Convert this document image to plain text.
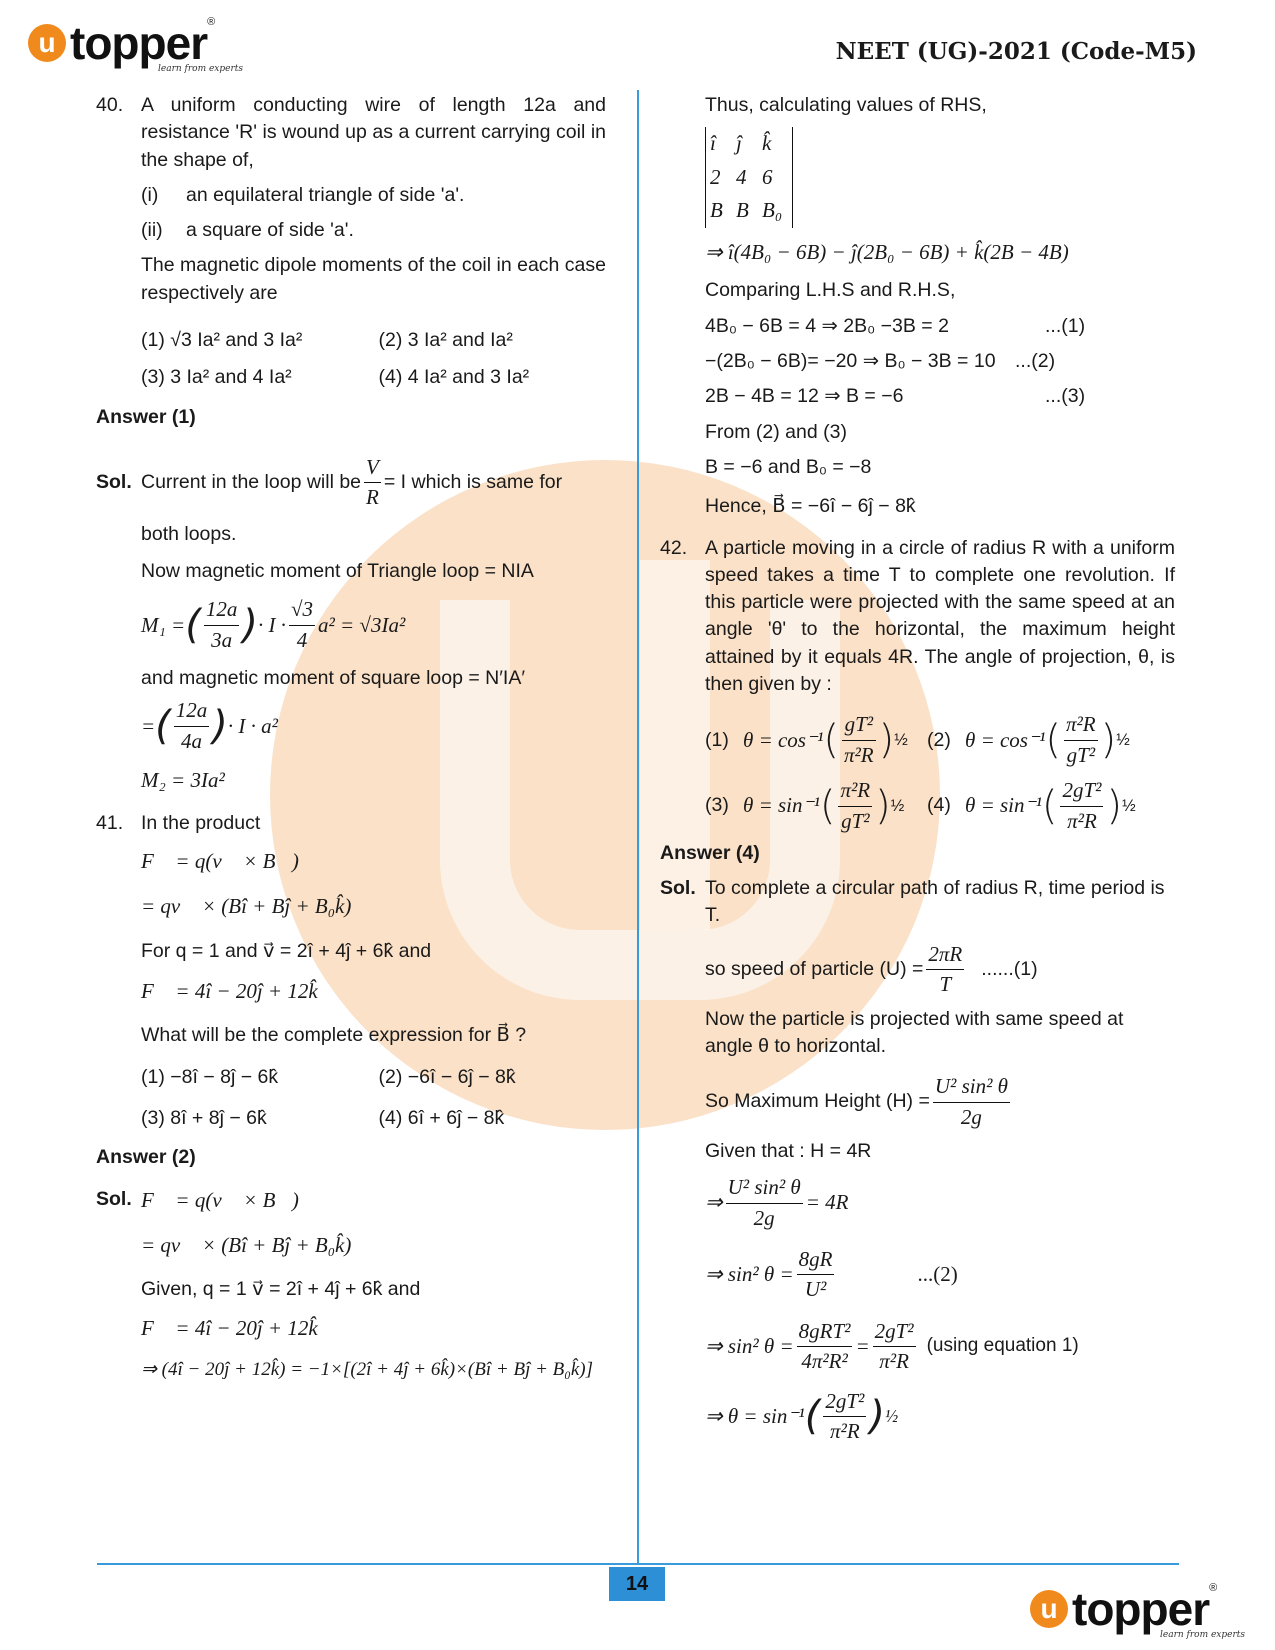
u topper ®
learn from experts
NEET (UG)-2021 (Code-M5)
40. A uniform conducting wire of length 12a and resistance 'R' is wound up as a current carrying coil in the shape of,
(i)	an equilateral triangle of side 'a'.
(ii)	a square of side 'a'.
The magnetic dipole moments of the coil in each case respectively are
(1) √3 Ia² and 3 Ia²	(2) 3 Ia² and Ia²
(3) 3 Ia² and 4 Ia²	(4) 4 Ia² and 3 Ia²
Answer (1)
Sol. Current in the loop will be $\frac{V}{R} = I$ which is same for
both loops.
Now magnetic moment of Triangle loop = NIA
M₁ = ( $\frac{12a}{3a}$ ) · $I \cdot \frac{√3}{4} a^2 = √3Ia^2$
and magnetic moment of square loop = N′IA′
= ( $\frac{12a}{4a}$ ) · I · a²
M₂ = 3Ia²
41. In the product
F⃗ = q(v⃗ × B⃗)
= qv⃗ × (Bî + Bĵ + B₀k̂)
For q = 1 and v⃗ = 2î + 4ĵ + 6k̂ and
F⃗ = 4î − 20ĵ + 12k̂
What will be the complete expression for B⃗ ?
(1) −8î − 8ĵ − 6k̂	(2) −6î − 6ĵ − 8k̂
(3) 8î + 8ĵ − 6k̂	(4) 6î + 6ĵ − 8k̂
Answer (2)
Sol. F⃗ = q(v⃗ × B⃗)
= qv⃗ × (Bî + Bĵ + B₀k̂)
Given, q = 1 v⃗ = 2î + 4ĵ + 6k̂ and
F⃗ = 4î − 20ĵ + 12k̂
⇒ (4î − 20ĵ + 12k̂) = −1×[(2î + 4ĵ + 6k̂)×(Bî + Bĵ + B₀k̂)]
Thus, calculating values of RHS,
î ĵ k̂
2 4 6
B B B₀
⇒ î(4B₀ − 6B) − ĵ(2B₀ − 6B) + k̂(2B − 4B)
Comparing L.H.S and R.H.S,
4B₀ − 6B = 4 ⇒ 2B₀ −3B = 2	...(1)
−(2B₀ − 6B)= −20 ⇒ B₀ − 3B = 10 ...(2)
2B − 4B = 12 ⇒ B = −6	...(3)
From (2) and (3)
B = −6 and B₀ = −8
Hence, B⃗ = −6î − 6ĵ − 8k̂
42. A particle moving in a circle of radius R with a uniform speed takes a time T to complete one revolution. If this particle were projected with the same speed at an angle 'θ' to the horizontal, the maximum height attained by it equals 4R. The angle of projection, θ, is then given by :
(1) θ = cos⁻¹ ( $\frac{\text{gT²}}{\text{π²R}}$ ) ½ (2) θ = cos⁻¹ ( $\frac{\text{π²R}}{\text{gT²}}$ ) ½
(3) θ = sin⁻¹ ( $\frac{\text{π²R}}{\text{gT²}}$ ) ½ (4) θ = sin⁻¹ ( $\frac{\text{2gT²}}{\text{π²R}}$ ) ½
Answer (4)
Sol. To complete a circular path of radius R, time period is T.
so speed of particle $(U) = \frac{2\pi R}{T} ......(1)$
Now the particle is projected with same speed at angle θ to horizontal.
So Maximum Height $(H) = \frac{\text{U² sin² θ}}{2g}$
Given that : H = 4R
⇒ $\frac{\text{U² sin² θ}}{2g} = 4R$
⇒ sin² $\theta = \frac{8gR}{\text{U²}}$	...(2)
⇒ sin² $\theta = \frac{\text{8gRT²}}{\text{4π²R²}} = \frac{\text{2gT²}}{\text{π²R}} (using$ equation 1)
⇒ θ = sin⁻¹ ( $\frac{\text{2gT²}}{\text{π²R}}$ ) ½
14
u topper ®
learn from experts
